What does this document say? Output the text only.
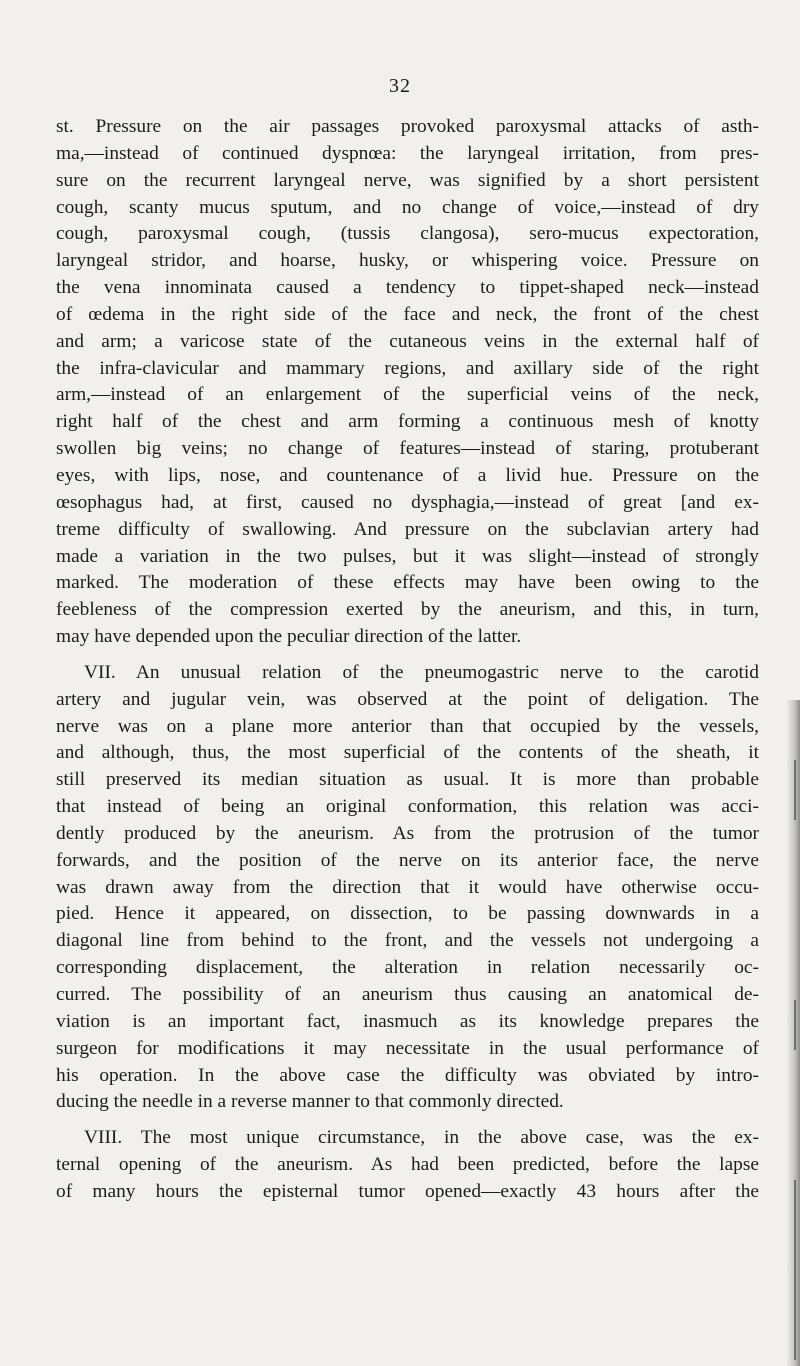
32
st. Pressure on the air passages provoked paroxysmal attacks of asth-
ma,—instead of continued dyspnœa: the laryngeal irritation, from pres-
sure on the recurrent laryngeal nerve, was signified by a short persistent
cough, scanty mucus sputum, and no change of voice,—instead of dry
cough, paroxysmal cough, (tussis clangosa), sero-mucus expectoration,
laryngeal stridor, and hoarse, husky, or whispering voice. Pressure on
the vena innominata caused a tendency to tippet-shaped neck—instead
of œdema in the right side of the face and neck, the front of the chest
and arm; a varicose state of the cutaneous veins in the external half of
the infra-clavicular and mammary regions, and axillary side of the right
arm,—instead of an enlargement of the superficial veins of the neck,
right half of the chest and arm forming a continuous mesh of knotty
swollen big veins; no change of features—instead of staring, protuberant
eyes, with lips, nose, and countenance of a livid hue. Pressure on the
œsophagus had, at first, caused no dysphagia,—instead of great [and ex-
treme difficulty of swallowing. And pressure on the subclavian artery had
made a variation in the two pulses, but it was slight—instead of strongly
marked. The moderation of these effects may have been owing to the
feebleness of the compression exerted by the aneurism, and this, in turn,
may have depended upon the peculiar direction of the latter.
VII. An unusual relation of the pneumogastric nerve to the carotid
artery and jugular vein, was observed at the point of deligation. The
nerve was on a plane more anterior than that occupied by the vessels,
and although, thus, the most superficial of the contents of the sheath, it
still preserved its median situation as usual. It is more than probable
that instead of being an original conformation, this relation was acci-
dently produced by the aneurism. As from the protrusion of the tumor
forwards, and the position of the nerve on its anterior face, the nerve
was drawn away from the direction that it would have otherwise occu-
pied. Hence it appeared, on dissection, to be passing downwards in a
diagonal line from behind to the front, and the vessels not undergoing a
corresponding displacement, the alteration in relation necessarily oc-
curred. The possibility of an aneurism thus causing an anatomical de-
viation is an important fact, inasmuch as its knowledge prepares the
surgeon for modifications it may necessitate in the usual performance of
his operation. In the above case the difficulty was obviated by intro-
ducing the needle in a reverse manner to that commonly directed.
VIII. The most unique circumstance, in the above case, was the ex-
ternal opening of the aneurism. As had been predicted, before the lapse
of many hours the episternal tumor opened—exactly 43 hours after the
